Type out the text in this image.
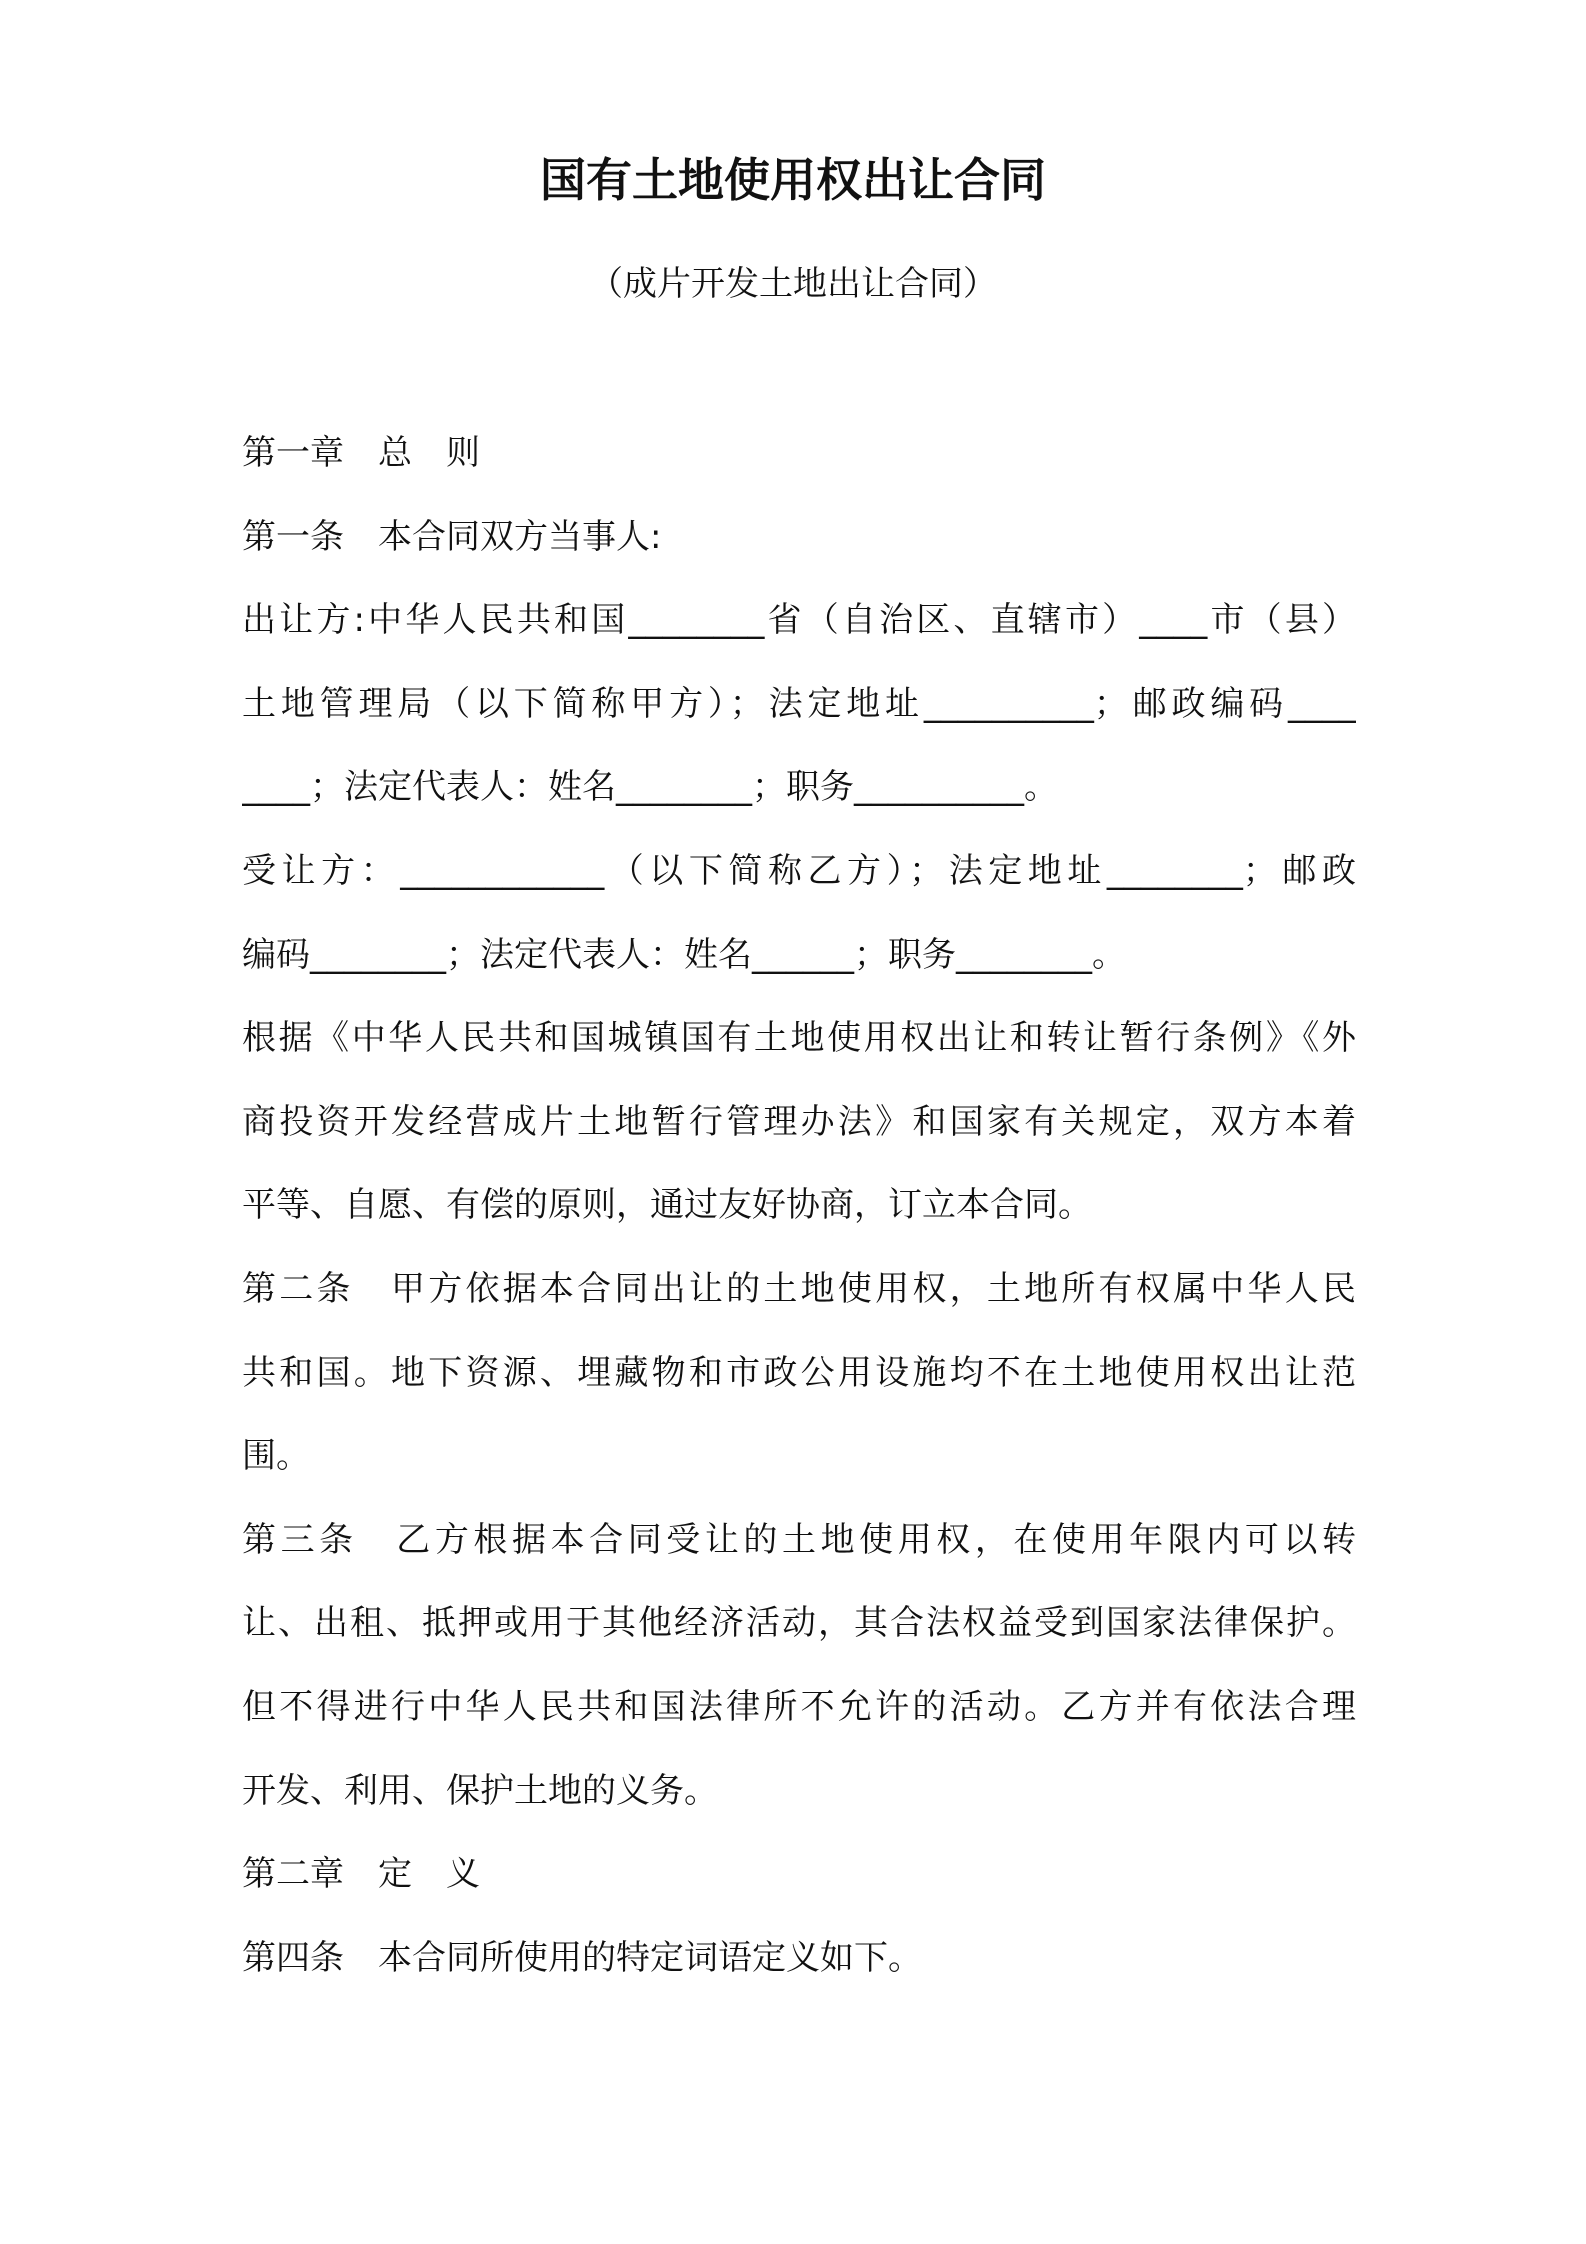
国有土地使用权出让合同
（成片开发土地出让合同）
第一章　总　则
第一条　本合同双方当事人:
出让方:中华人民共和国________省（自治区、直辖市）____市（县）
土地管理局（以下简称甲方）；法定地址__________；邮政编码____
____；法定代表人：姓名________；职务__________。
受让方：____________（以下简称乙方）；法定地址________；邮政
编码________；法定代表人：姓名______；职务________。
根据《中华人民共和国城镇国有土地使用权出让和转让暂行条例》《外
商投资开发经营成片土地暂行管理办法》和国家有关规定，双方本着
平等、自愿、有偿的原则，通过友好协商，订立本合同。
第二条　甲方依据本合同出让的土地使用权，土地所有权属中华人民
共和国。地下资源、埋藏物和市政公用设施均不在土地使用权出让范
围。
第三条　乙方根据本合同受让的土地使用权，在使用年限内可以转
让、出租、抵押或用于其他经济活动，其合法权益受到国家法律保护。
但不得进行中华人民共和国法律所不允许的活动。乙方并有依法合理
开发、利用、保护土地的义务。
第二章　定　义
第四条　本合同所使用的特定词语定义如下。
